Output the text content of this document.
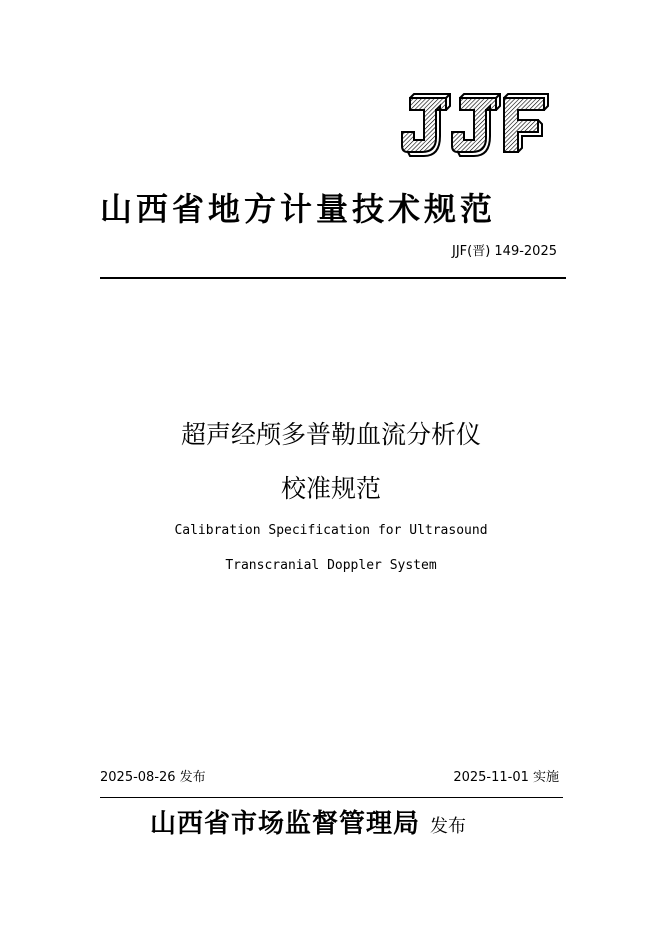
山西省地方计量技术规范
JJF(晋) 149-2025
超声经颅多普勒血流分析仪
校准规范
Calibration Specification for Ultrasound
Transcranial Doppler System
2025-08-26 发布	2025-11-01 实施
山西省市场监督管理局 发布
